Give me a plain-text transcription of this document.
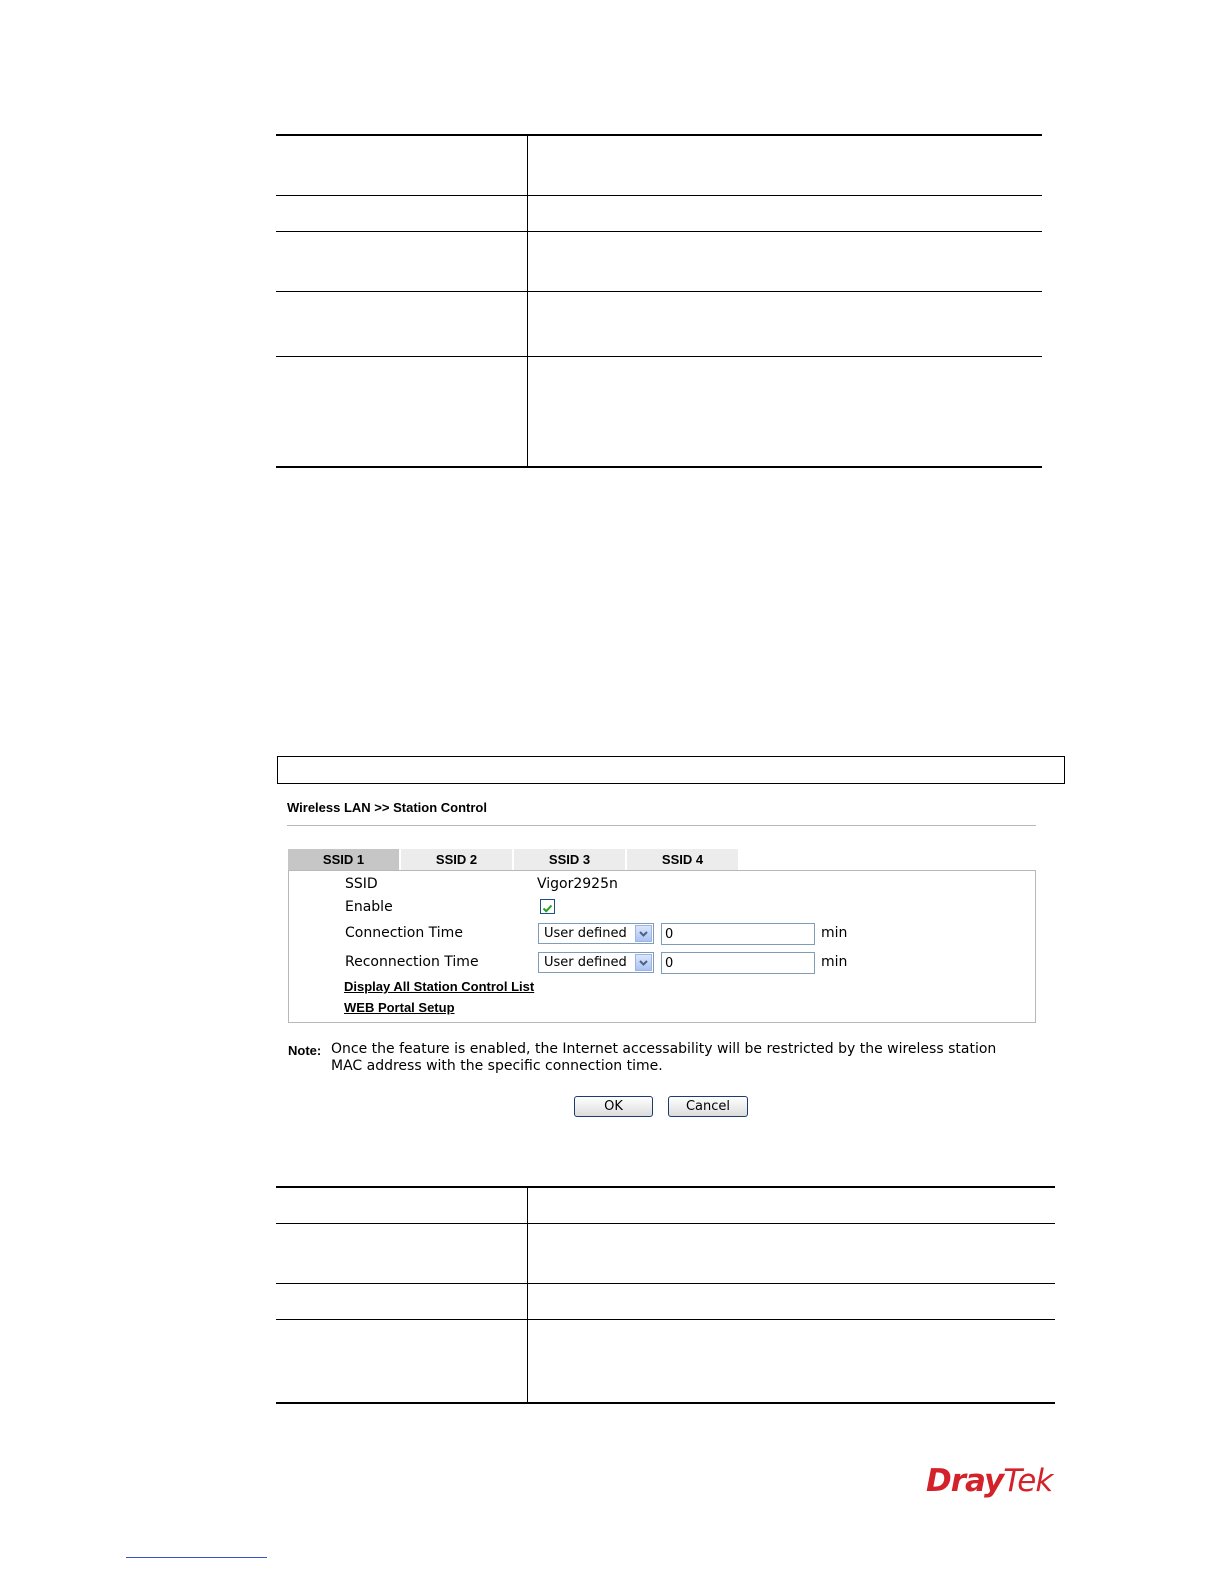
Wireless LAN >> Station Control
SSID 1	SSID 2	SSID 3	SSID 4
SSID	Vigor2925n
Enable
Connection Time	User defined	0	min
Reconnection Time	User defined	0	min
Display All Station Control List
WEB Portal Setup
Note: Once the feature is enabled, the Internet accessability will be restricted by the wireless station MAC address with the specific connection time.
OK	Cancel

DrayTek
